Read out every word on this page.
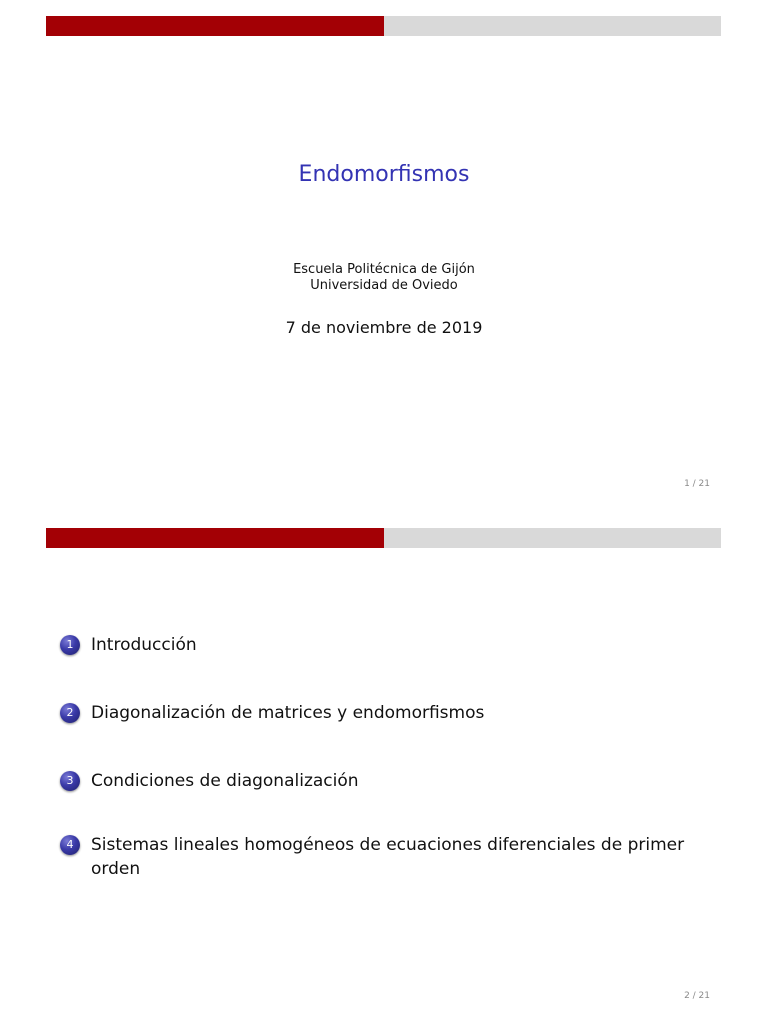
Endomorfismos
Escuela Politécnica de Gijón
Universidad de Oviedo
7 de noviembre de 2019
1 / 21
1	Introducción
2	Diagonalización de matrices y endomorfismos
3	Condiciones de diagonalización
4	Sistemas lineales homogéneos de ecuaciones diferenciales de primer orden
2 / 21
